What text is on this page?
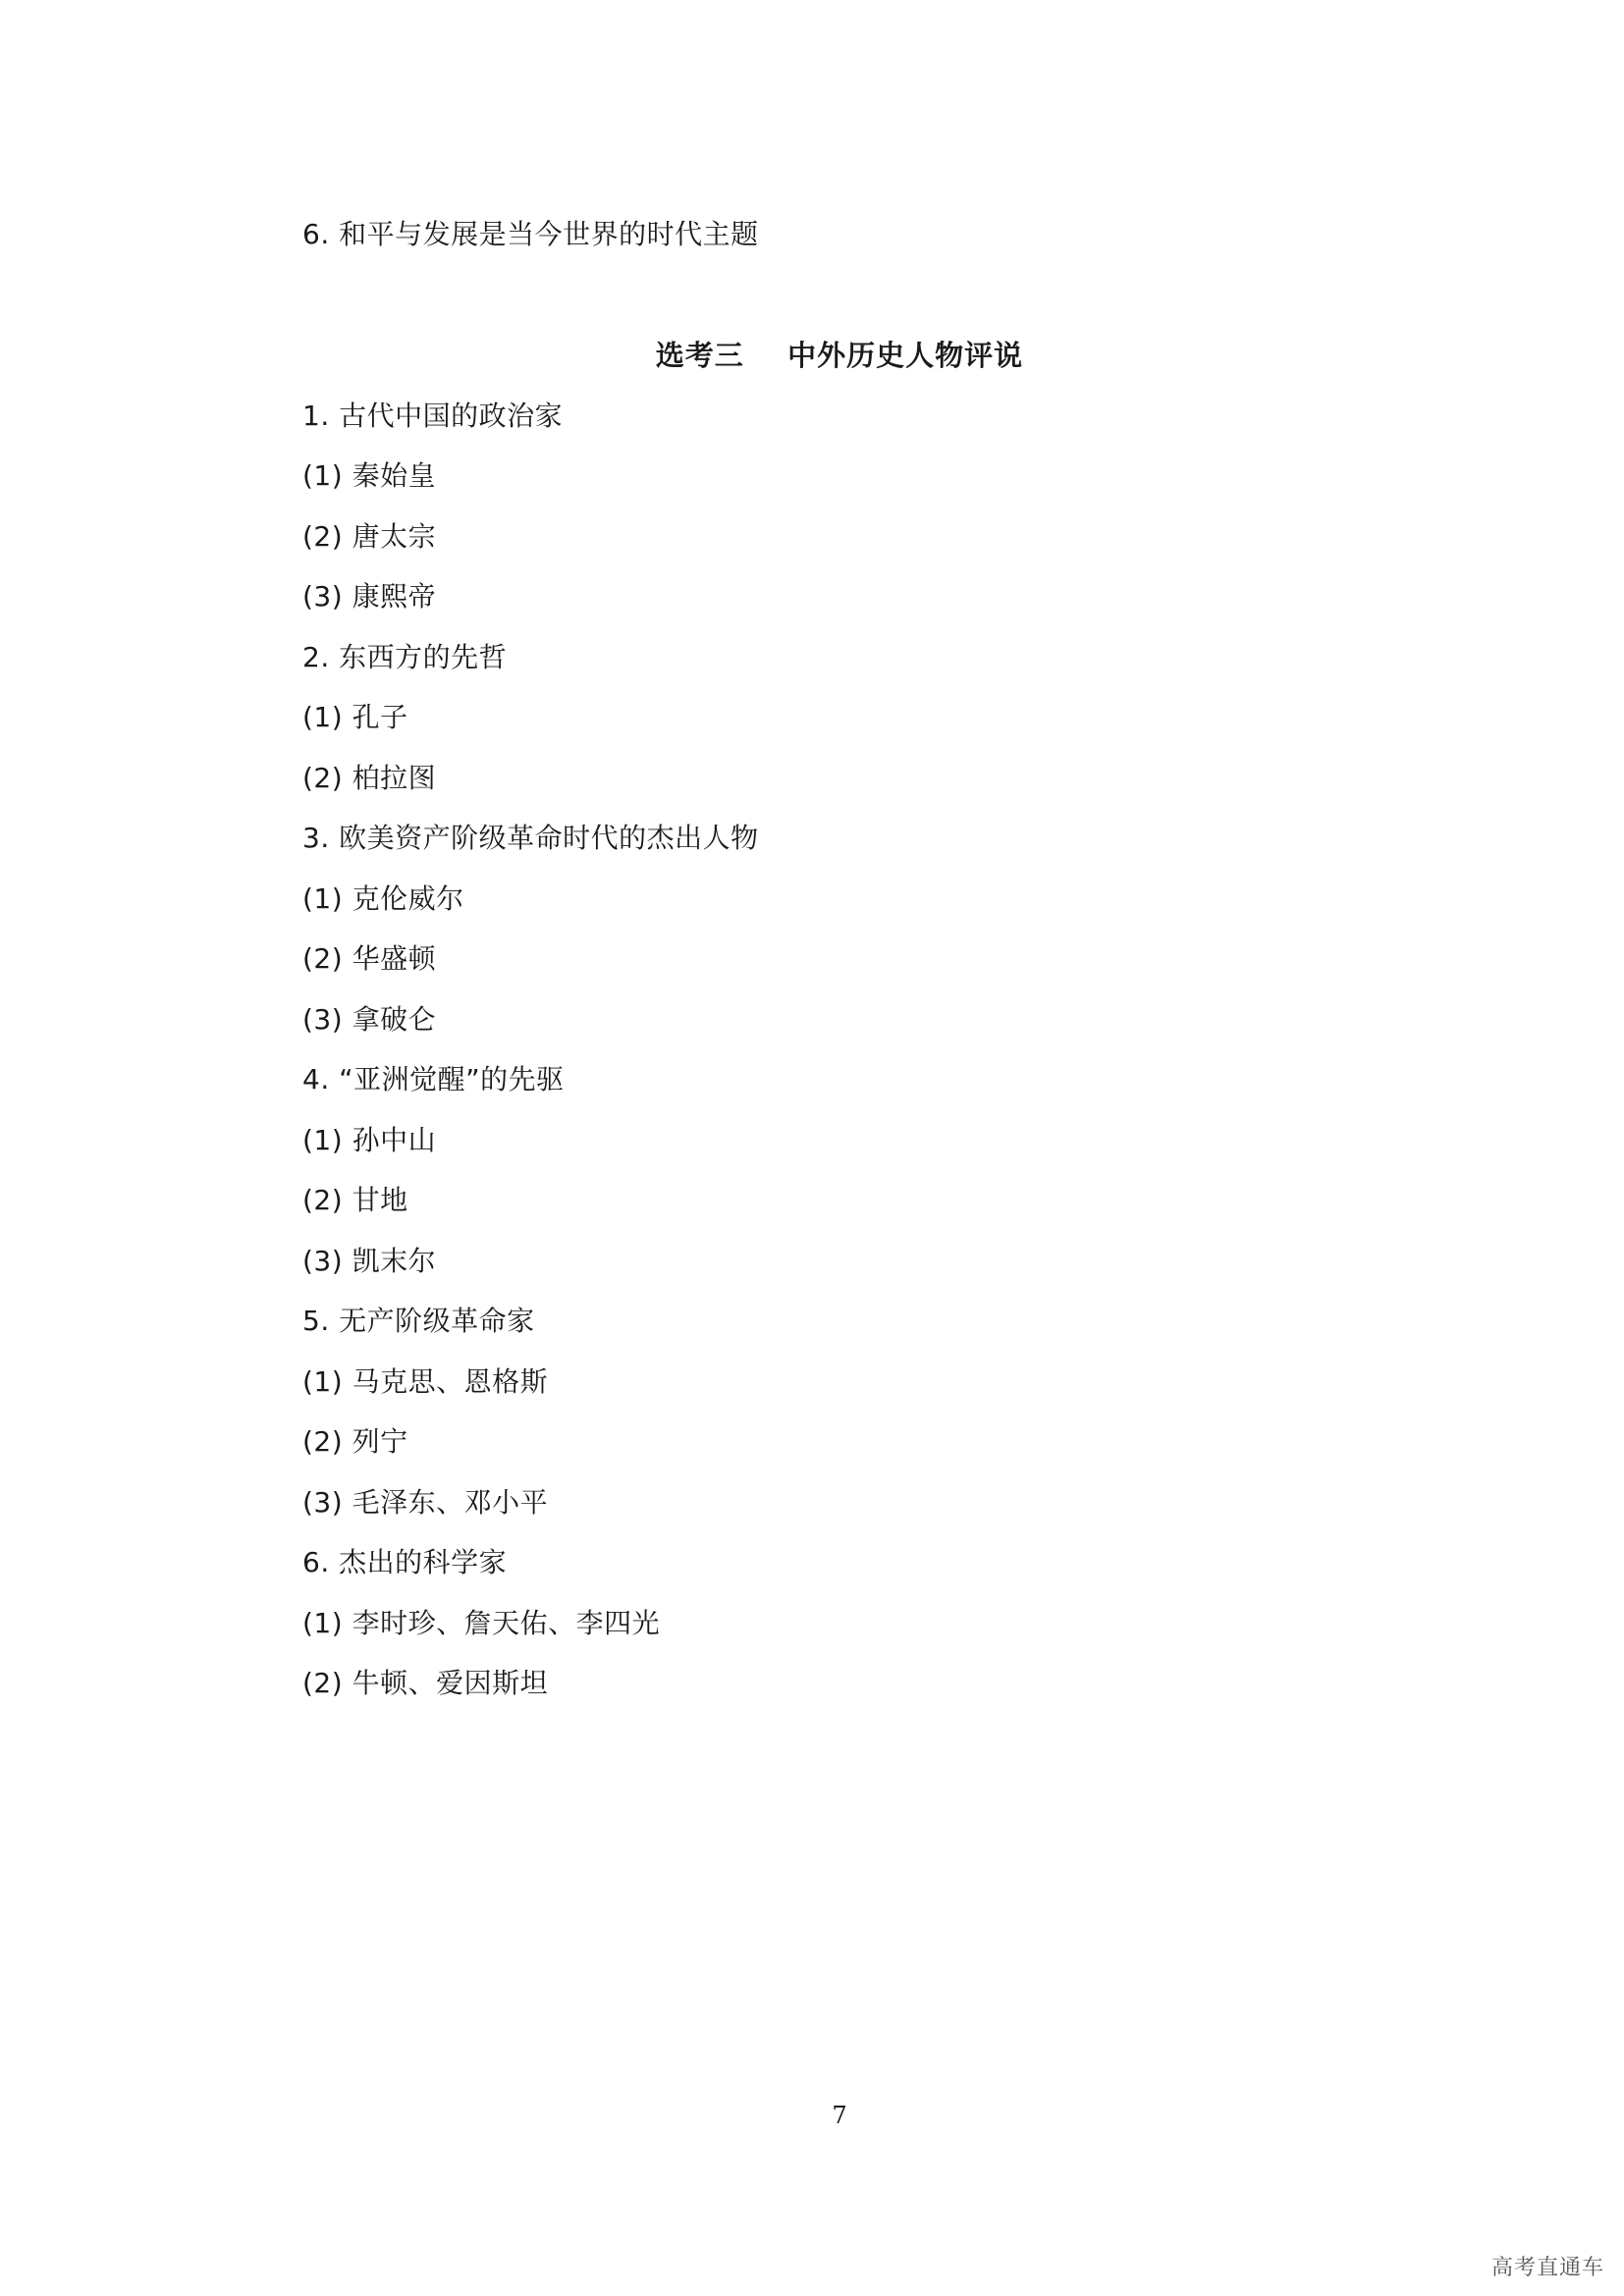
6. 和平与发展是当今世界的时代主题
选考三    中外历史人物评说
1. 古代中国的政治家
(1) 秦始皇
(2) 唐太宗
(3) 康熙帝
2. 东西方的先哲
(1) 孔子
(2) 柏拉图
3. 欧美资产阶级革命时代的杰出人物
(1) 克伦威尔
(2) 华盛顿
(3) 拿破仑
4. “亚洲觉醒”的先驱
(1) 孙中山
(2) 甘地
(3) 凯末尔
5. 无产阶级革命家
(1) 马克思、恩格斯
(2) 列宁
(3) 毛泽东、邓小平
6. 杰出的科学家
(1) 李时珍、詹天佑、李四光
(2) 牛顿、爱因斯坦
7
高考直通车
